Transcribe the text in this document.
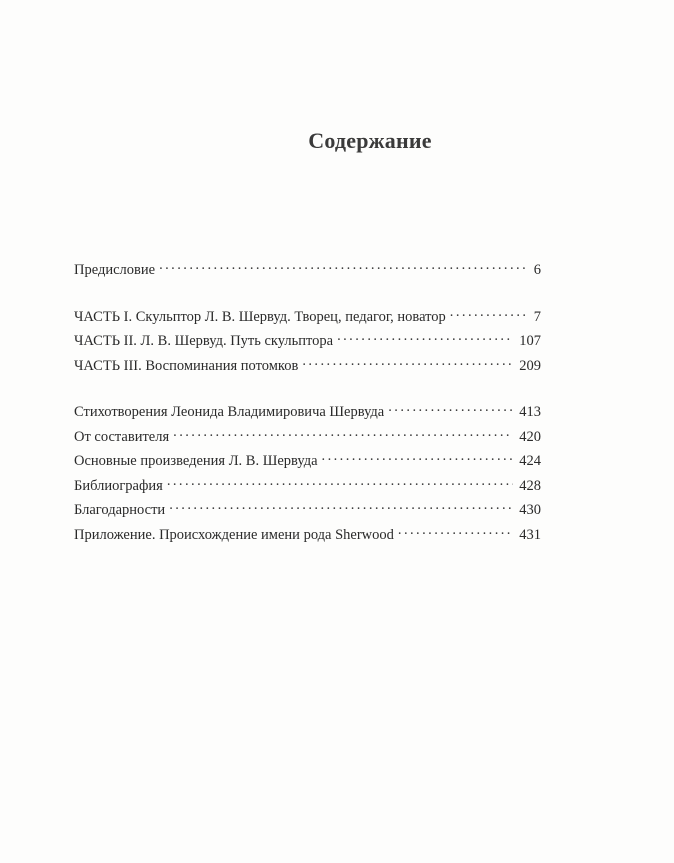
Содержание
Предисловие . . .	6
ЧАСТЬ I. Скульптор Л. В. Шервуд. Творец, педагог, новатор . . .	7
ЧАСТЬ II. Л. В. Шервуд. Путь скульптора . . .	107
ЧАСТЬ III. Воспоминания потомков . . .	209
Стихотворения Леонида Владимировича Шервуда . . .	413
От составителя . . .	420
Основные произведения Л. В. Шервуда . . .	424
Библиография . . .	428
Благодарности . . .	430
Приложение. Происхождение имени рода Sherwood . . .	431
